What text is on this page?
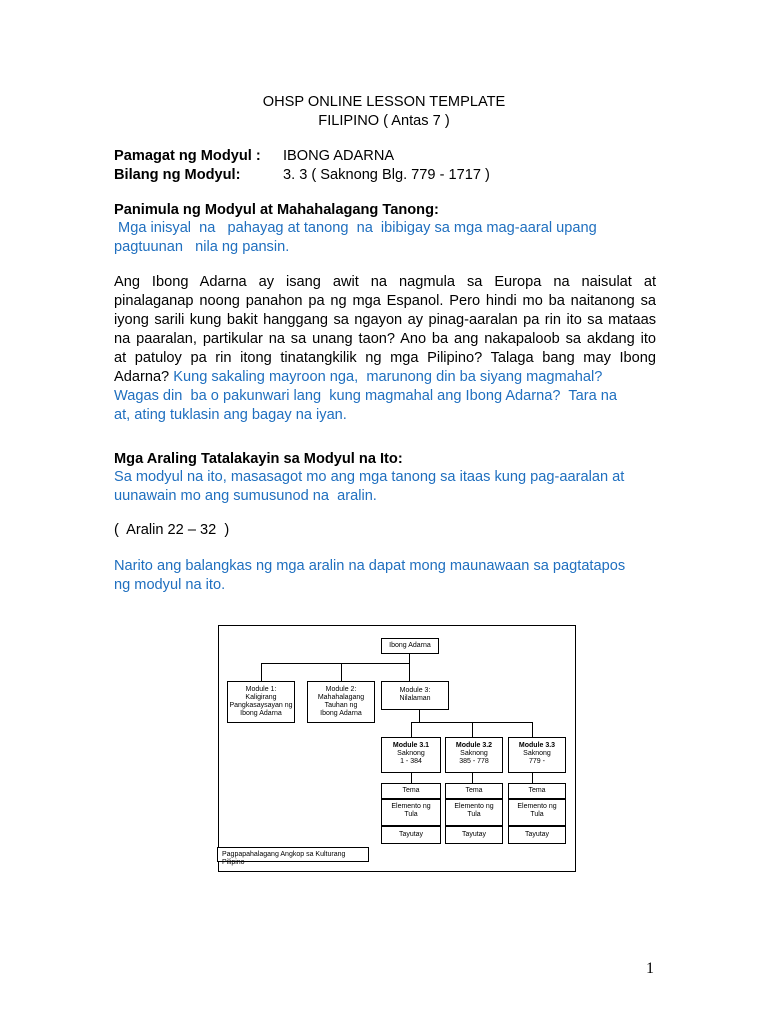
OHSP ONLINE LESSON TEMPLATE
FILIPINO ( Antas 7 )
Pamagat ng Modyul : IBONG ADARNA
Bilang ng Modyul:	3. 3 ( Saknong Blg. 779 - 1717 )
Panimula ng Modyul at Mahahalagang Tanong:
Mga inisyal  na   pahayag at tanong  na  ibibigay sa mga mag-aaral upang
pagtuunan   nila ng pansin.
Ang Ibong Adarna ay isang awit na nagmula sa Europa na naisulat at
pinalaganap noong panahon pa ng mga Espanol. Pero hindi mo ba naitanong sa
iyong sarili kung bakit hanggang sa ngayon ay pinag-aaralan pa rin ito sa mataas
na paaralan, partikular na sa unang taon? Ano ba ang nakapaloob sa akdang ito
at patuloy pa rin itong tinatangkilik ng mga Pilipino? Talaga bang may Ibong
Adarna? Kung sakaling mayroon nga,  marunong din ba siyang magmahal?
Wagas din  ba o pakunwari lang  kung magmahal ang Ibong Adarna?  Tara na
at, ating tuklasin ang bagay na iyan.
Mga Araling Tatalakayin sa Modyul na Ito:
Sa modyul na ito, masasagot mo ang mga tanong sa itaas kung pag-aaralan at
uunawain mo ang sumusunod na  aralin.
(  Aralin 22 – 32  )
Narito ang balangkas ng mga aralin na dapat mong maunawaan sa pagtatapos
ng modyul na ito.
Ibong Adarna
Module 1:
Kaligirang
Pangkasaysayan ng
Ibong Adarna
Module 2:
Mahahalagang
Tauhan ng
Ibong Adarna
Module 3:
Nilalaman
Module 3.1
Saknong
1 - 384
Module 3.2
Saknong
385 - 778
Module 3.3
Saknong
779 -
Tema
Elemento ng Tula
Tayutay
Tema
Elemento ng Tula
Tayutay
Tema
Elemento ng Tula
Tayutay
Pagpapahalagang Angkop sa Kulturang Pilipino
1
